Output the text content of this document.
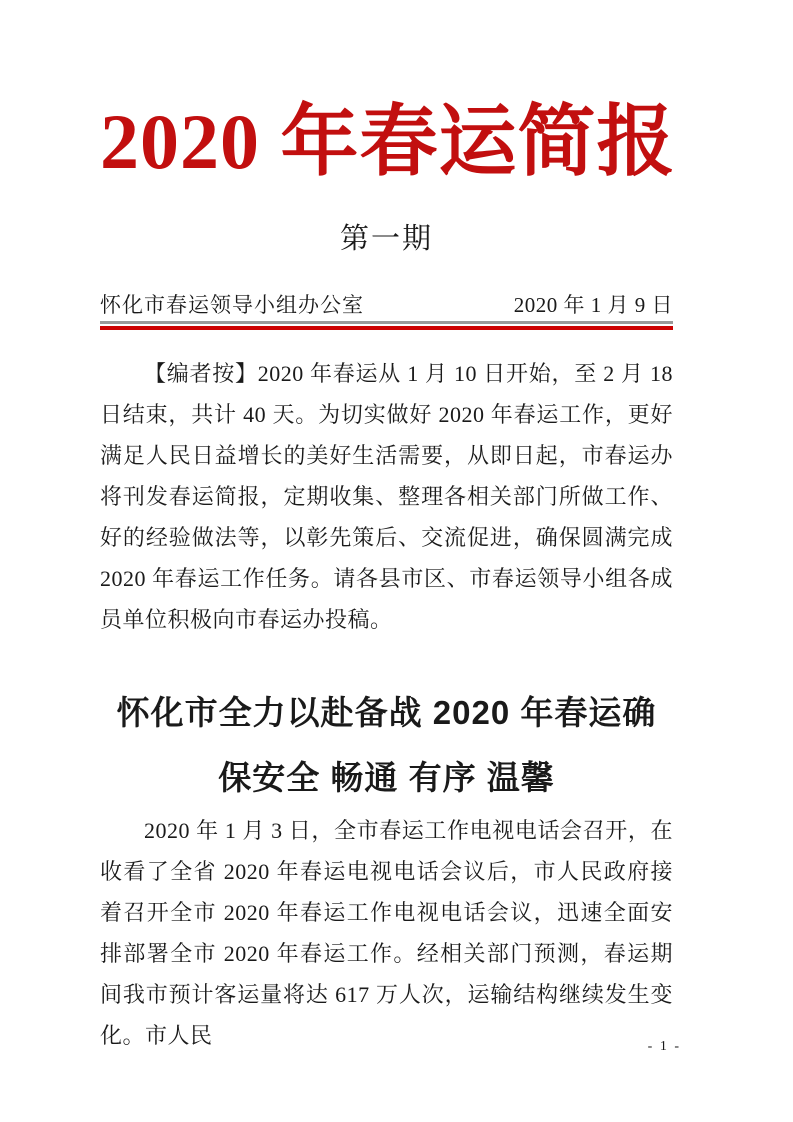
2020 年春运简报
第一期
怀化市春运领导小组办公室	2020 年 1 月 9 日

【编者按】2020 年春运从 1 月 10 日开始，至 2 月 18 日结束，共计 40 天。为切实做好 2020 年春运工作，更好满足人民日益增长的美好生活需要，从即日起，市春运办将刊发春运简报，定期收集、整理各相关部门所做工作、好的经验做法等，以彰先策后、交流促进，确保圆满完成 2020 年春运工作任务。请各县市区、市春运领导小组各成员单位积极向市春运办投稿。

怀化市全力以赴备战 2020 年春运确
保安全 畅通 有序 温馨

2020 年 1 月 3 日，全市春运工作电视电话会召开，在收看了全省 2020 年春运电视电话会议后，市人民政府接着召开全市 2020 年春运工作电视电话会议，迅速全面安排部署全市 2020 年春运工作。经相关部门预测，春运期间我市预计客运量将达 617 万人次，运输结构继续发生变化。市人民	- 1 -
